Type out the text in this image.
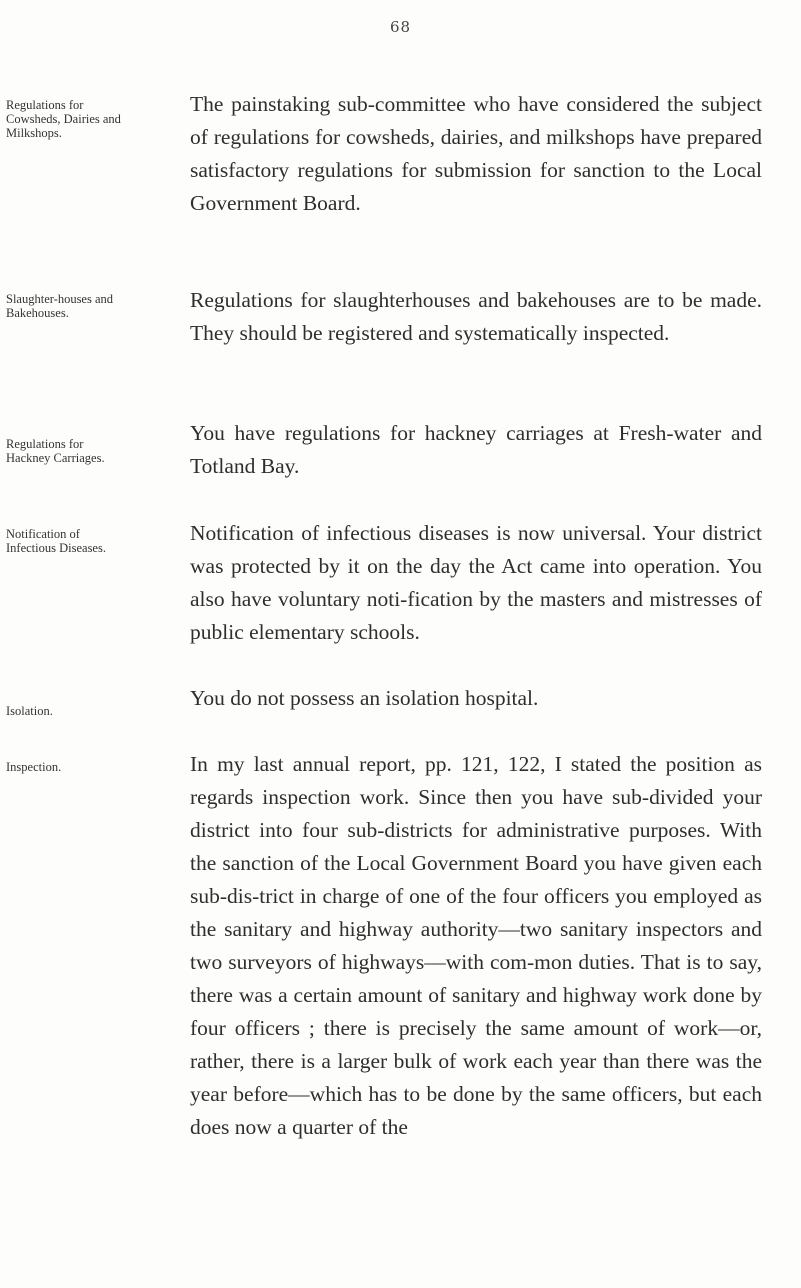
68
Regulations for Cowsheds, Dairies and Milkshops.

The painstaking sub-committee who have considered the subject of regulations for cowsheds, dairies, and milkshops have prepared satisfactory regulations for submission for sanction to the Local Government Board.

Slaughter-houses and Bakehouses.

Regulations for slaughterhouses and bakehouses are to be made. They should be registered and systematically inspected.

Regulations for Hackney Carriages.

You have regulations for hackney carriages at Fresh-water and Totland Bay.

Notification of Infectious Diseases.

Notification of infectious diseases is now universal. Your district was protected by it on the day the Act came into operation. You also have voluntary noti-fication by the masters and mistresses of public elementary schools.

Isolation.

You do not possess an isolation hospital.

Inspection.	In my last annual report, pp. 121, 122, I stated the position as regards inspection work. Since then you have sub-divided your district into four sub-districts for administrative purposes. With the sanction of the Local Government Board you have given each sub-dis-trict in charge of one of the four officers you employed as the sanitary and highway authority—two sanitary inspectors and two surveyors of highways—with com-mon duties. That is to say, there was a certain amount of sanitary and highway work done by four officers ; there is precisely the same amount of work—or, rather, there is a larger bulk of work each year than there was the year before—which has to be done by the same officers, but each does now a quarter of the
